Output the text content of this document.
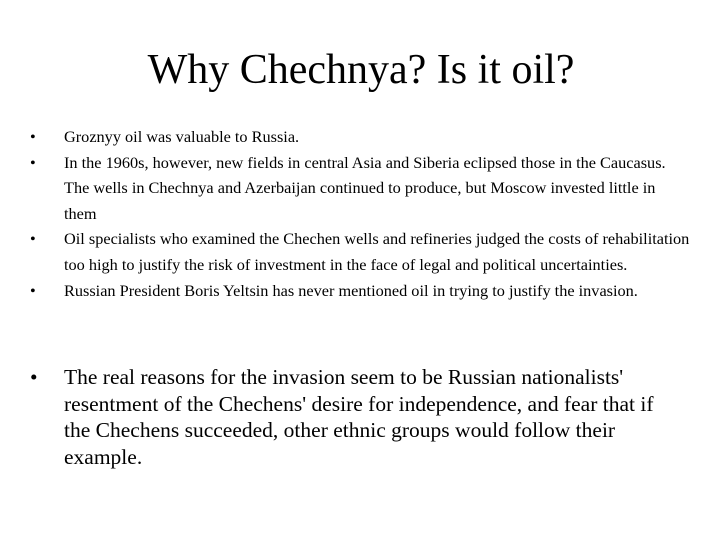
Why Chechnya? Is it oil?
•	Groznyy oil was valuable to Russia.
•	In the 1960s, however, new fields in central Asia and Siberia eclipsed those in the Caucasus. The wells in Chechnya and Azerbaijan continued to produce, but Moscow invested little in them
•	Oil specialists who examined the Chechen wells and refineries judged the costs of rehabilitation too high to justify the risk of investment in the face of legal and political uncertainties.
•	Russian President Boris Yeltsin has never mentioned oil in trying to justify the invasion.
• The real reasons for the invasion seem to be Russian nationalists' resentment of the Chechens' desire for independence, and fear that if the Chechens succeeded, other ethnic groups would follow their example.
